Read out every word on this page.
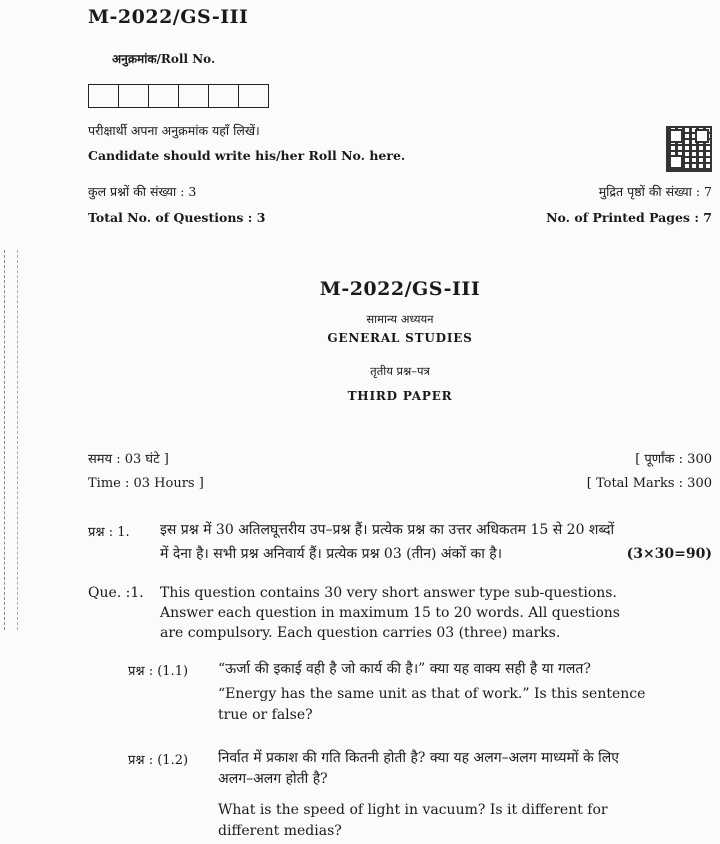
M-2022/GS-III
अनुक्रमांक/Roll No.
परीक्षार्थी अपना अनुक्रमांक यहाँ लिखें।
Candidate should write his/her Roll No. here.
कुल प्रश्नों की संख्या : 3
Total No. of Questions : 3
मुद्रित पृष्ठों की संख्या : 7
No. of Printed Pages : 7
M-2022/GS-III
सामान्य अध्ययन
GENERAL STUDIES
तृतीय प्रश्न–पत्र
THIRD PAPER
समय : 03 घंटे ]
Time : 03 Hours ]
[ पूर्णांक : 300
[ Total Marks : 300
प्रश्न : 1. इस प्रश्न में 30 अतिलघूत्तरीय उप–प्रश्न हैं। प्रत्येक प्रश्न का उत्तर अधिकतम 15 से 20 शब्दों
में देना है। सभी प्रश्न अनिवार्य हैं। प्रत्येक प्रश्न 03 (तीन) अंकों का है।	(3×30=90)
Que. :1. This question contains 30 very short answer type sub-questions.
Answer each question in maximum 15 to 20 words. All questions
are compulsory. Each question carries 03 (three) marks.
प्रश्न : (1.1) “ऊर्जा की इकाई वही है जो कार्य की है।” क्या यह वाक्य सही है या गलत?
“Energy has the same unit as that of work.” Is this sentence true or false?
प्रश्न : (1.2) निर्वात में प्रकाश की गति कितनी होती है? क्या यह अलग–अलग माध्यमों के लिए अलग–अलग होती है?
What is the speed of light in vacuum? Is it different for different medias?
